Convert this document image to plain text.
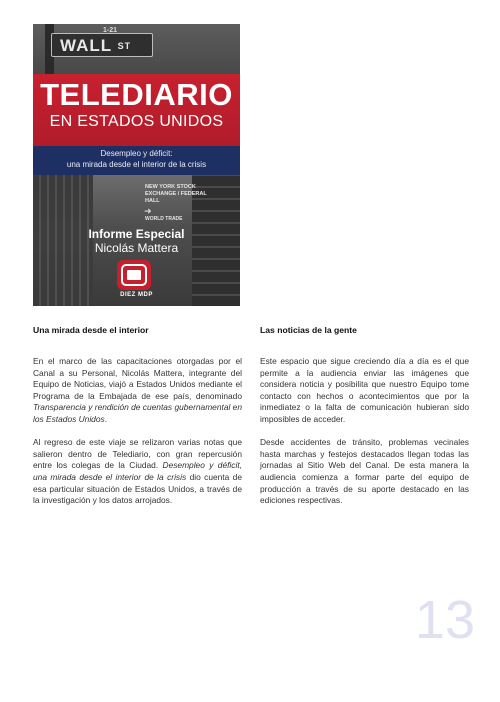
WALL $^{ST}$
1-21
TELEDIARIO
EN ESTADOS UNIDOS
Desempleo y déficit:
una mirada desde el interior de la crisis
NEW YORK STOCK EXCHANGE / FEDERAL HALL
➜
WORLD TRADE
Informe Especial
Nicolás Mattera
DIEZ MDP
Una mirada desde el interior

En el marco de las capacitaciones otorgadas por el Canal a su Personal, Nicolás Mattera, integrante del Equipo de Noticias, viajó a Estados Unidos mediante el Programa de la Embajada de ese país, denominado Transparencia y rendición de cuentas gubernamental en los Estados Unidos.

Al regreso de este viaje se relizaron varias notas que salieron dentro de Telediario, con gran repercusión entre los colegas de la Ciudad. Desempleo y déficit, una mirada desde el interior de la crisis dio cuenta de esa particular situación de Estados Unidos, a través de la investigación y los datos arrojados.

Las noticias de la gente

Este espacio que sigue creciendo día a día es el que permite a la audiencia enviar las imágenes que considera noticia y posibilita que nuestro Equipo tome contacto con hechos o acontecimientos que por la inmediatez o la falta de comunicación hubieran sido imposibles de acceder.

Desde accidentes de tránsito, problemas vecinales hasta marchas y festejos destacados llegan todas las jornadas al Sitio Web del Canal. De esta manera la audiencia comienza a formar parte del equipo de producción a través de su aporte destacado en las ediciones respectivas.

13
